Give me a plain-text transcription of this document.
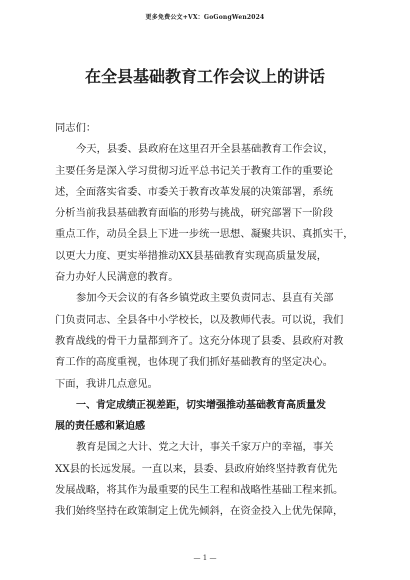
更多免费公文+VX：GoGongWen2024
在全县基础教育工作会议上的讲话
同志们：
今天，县委、县政府在这里召开全县基础教育工作会议，
主要任务是深入学习贯彻习近平总书记关于教育工作的重要论
述，全面落实省委、市委关于教育改革发展的决策部署，系统
分析当前我县基础教育面临的形势与挑战，研究部署下一阶段
重点工作，动员全县上下进一步统一思想、凝聚共识、真抓实干，
以更大力度、更实举措推动XX县基础教育实现高质量发展，
奋力办好人民满意的教育。
参加今天会议的有各乡镇党政主要负责同志、县直有关部
门负责同志、全县各中小学校长，以及教师代表。可以说，我们
教育战线的骨干力量都到齐了。这充分体现了县委、县政府对教
育工作的高度重视，也体现了我们抓好基础教育的坚定决心。
下面，我讲几点意见。
一、肯定成绩正视差距，切实增强推动基础教育高质量发
展的责任感和紧迫感
教育是国之大计、党之大计，事关千家万户的幸福，事关
XX县的长远发展。一直以来，县委、县政府始终坚持教育优先
发展战略，将其作为最重要的民生工程和战略性基础工程来抓。
我们始终坚持在政策制定上优先倾斜，在资金投入上优先保障，
— 1 —
